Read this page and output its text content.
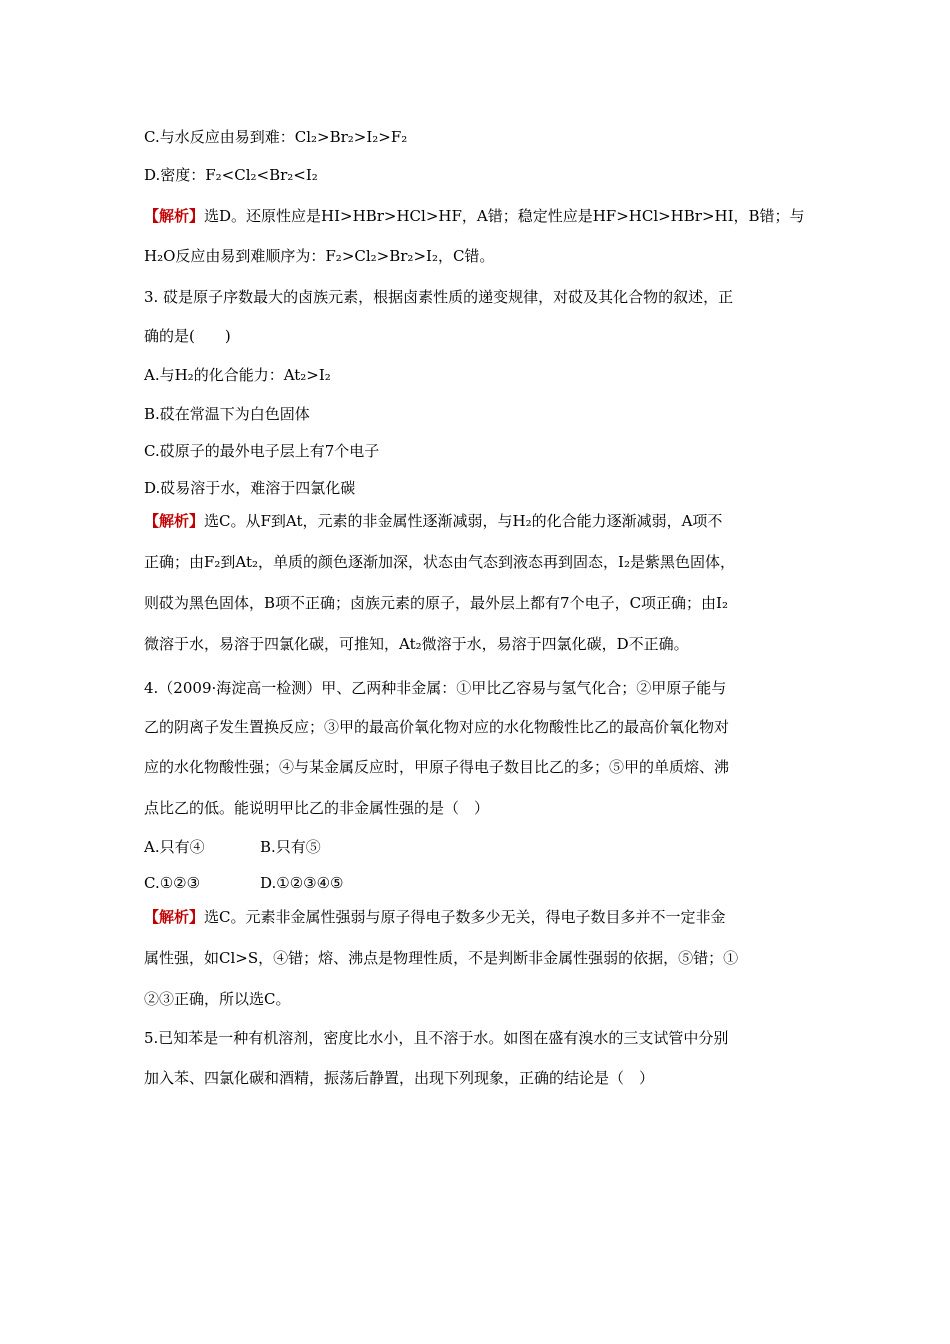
C.与水反应由易到难：Cl₂>Br₂>I₂>F₂
D.密度：F₂<Cl₂<Br₂<I₂
【解析】选D。还原性应是HI>HBr>HCl>HF，A错；稳定性应是HF>HCl>HBr>HI，B错；与
H₂O反应由易到难顺序为：F₂>Cl₂>Br₂>I₂，C错。
3. 砹是原子序数最大的卤族元素，根据卤素性质的递变规律，对砹及其化合物的叙述，正
确的是(　　)
A.与H₂的化合能力：At₂>I₂
B.砹在常温下为白色固体
C.砹原子的最外电子层上有7个电子
D.砹易溶于水，难溶于四氯化碳
【解析】选C。从F到At，元素的非金属性逐渐减弱，与H₂的化合能力逐渐减弱，A项不
正确；由F₂到At₂，单质的颜色逐渐加深，状态由气态到液态再到固态，I₂是紫黑色固体，
则砹为黑色固体，B项不正确；卤族元素的原子，最外层上都有7个电子，C项正确；由I₂
微溶于水，易溶于四氯化碳，可推知，At₂微溶于水，易溶于四氯化碳，D不正确。
4.（2009·海淀高一检测）甲、乙两种非金属：①甲比乙容易与氢气化合；②甲原子能与
乙的阴离子发生置换反应；③甲的最高价氧化物对应的水化物酸性比乙的最高价氧化物对
应的水化物酸性强；④与某金属反应时，甲原子得电子数目比乙的多；⑤甲的单质熔、沸
点比乙的低。能说明甲比乙的非金属性强的是（　）
A.只有④	B.只有⑤
C.①②③	D.①②③④⑤
【解析】选C。元素非金属性强弱与原子得电子数多少无关，得电子数目多并不一定非金
属性强，如Cl>S，④错；熔、沸点是物理性质，不是判断非金属性强弱的依据，⑤错；①
②③正确，所以选C。
5.已知苯是一种有机溶剂，密度比水小，且不溶于水。如图在盛有溴水的三支试管中分别
加入苯、四氯化碳和酒精，振荡后静置，出现下列现象，正确的结论是（　）
